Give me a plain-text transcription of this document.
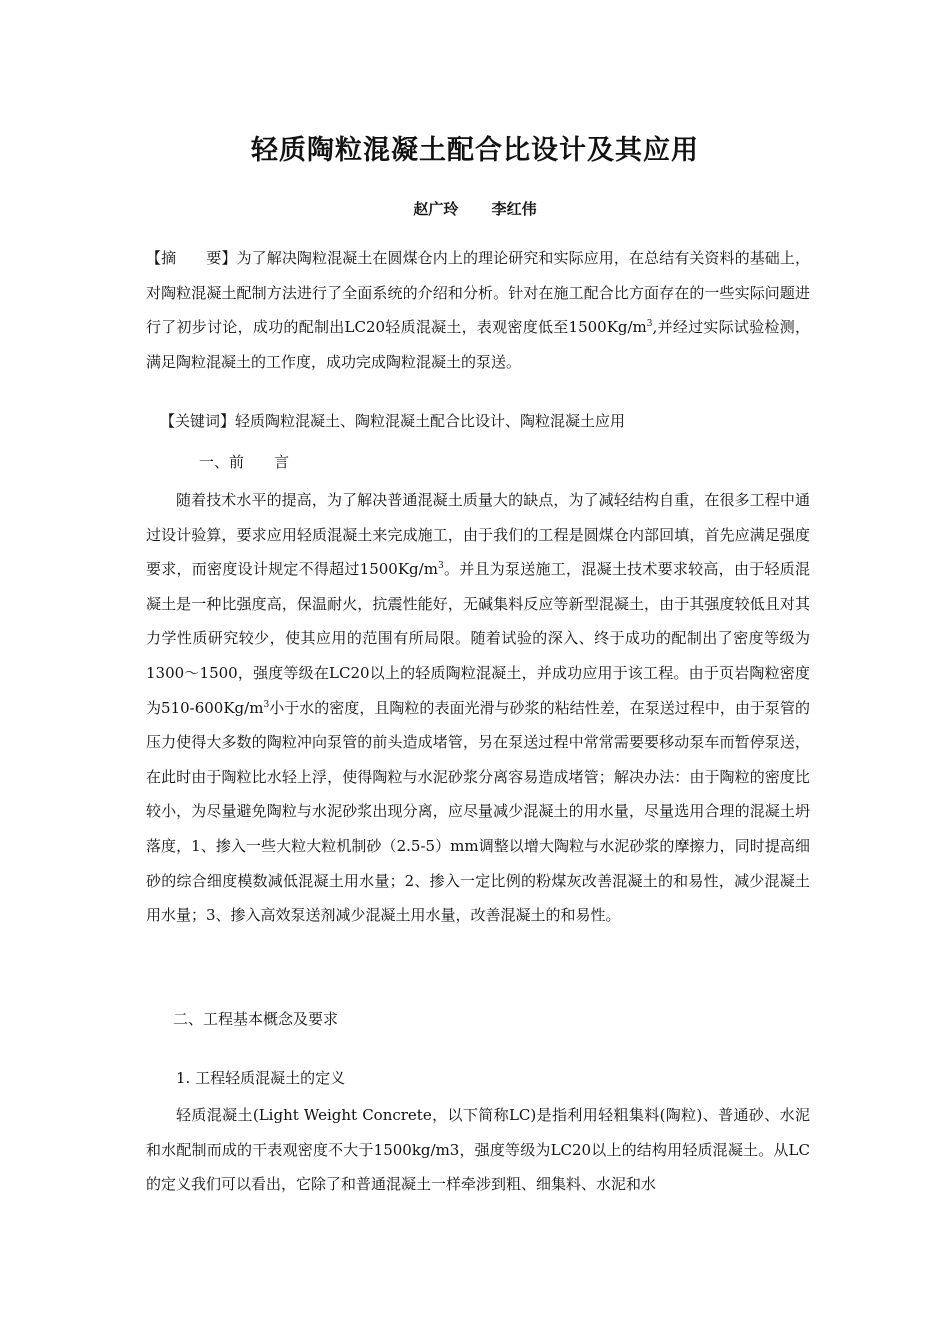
轻质陶粒混凝土配合比设计及其应用
赵广玲 李红伟
【摘　　要】为了解决陶粒混凝土在圆煤仓内上的理论研究和实际应用，在总结有关资料的基础上，对陶粒混凝土配制方法进行了全面系统的介绍和分析。针对在施工配合比方面存在的一些实际问题进行了初步讨论，成功的配制出LC20轻质混凝土，表观密度低至$1500Kg/m^3$,并经过实际试验检测，满足陶粒混凝土的工作度，成功完成陶粒混凝土的泵送。
【关键词】轻质陶粒混凝土、陶粒混凝土配合比设计、陶粒混凝土应用
一、前　　言
随着技术水平的提高，为了解决普通混凝土质量大的缺点，为了减轻结构自重，在很多工程中通过设计验算，要求应用轻质混凝土来完成施工，由于我们的工程是圆煤仓内部回填，首先应满足强度要求，而密度设计规定不得超过$1500Kg/m^3$。并且为泵送施工，混凝土技术要求较高，由于轻质混凝土是一种比强度高，保温耐火，抗震性能好，无碱集料反应等新型混凝土，由于其强度较低且对其力学性质研究较少，使其应用的范围有所局限。随着试验的深入、终于成功的配制出了密度等级为1300～1500，强度等级在LC20以上的轻质陶粒混凝土，并成功应用于该工程。由于页岩陶粒密度为$510-600Kg/m^3$小于水的密度，且陶粒的表面光滑与砂浆的粘结性差，在泵送过程中，由于泵管的压力使得大多数的陶粒冲向泵管的前头造成堵管，另在泵送过程中常常需要要移动泵车而暂停泵送，在此时由于陶粒比水轻上浮，使得陶粒与水泥砂浆分离容易造成堵管；解决办法：由于陶粒的密度比较小，为尽量避免陶粒与水泥砂浆出现分离，应尽量减少混凝土的用水量，尽量选用合理的混凝土坍落度，1、掺入一些大粒大粒机制砂（2.5-5）mm调整以增大陶粒与水泥砂浆的摩擦力，同时提高细砂的综合细度模数减低混凝土用水量；2、掺入一定比例的粉煤灰改善混凝土的和易性，减少混凝土用水量；3、掺入高效泵送剂减少混凝土用水量，改善混凝土的和易性。
二、工程基本概念及要求
1. 工程轻质混凝土的定义
轻质混凝土(Light Weight Concrete，以下简称LC)是指利用轻粗集料(陶粒)、普通砂、水泥和水配制而成的干表观密度不大于1500kg/m3，强度等级为LC20以上的结构用轻质混凝土。从LC的定义我们可以看出，它除了和普通混凝土一样牵涉到粗、细集料、水泥和水
